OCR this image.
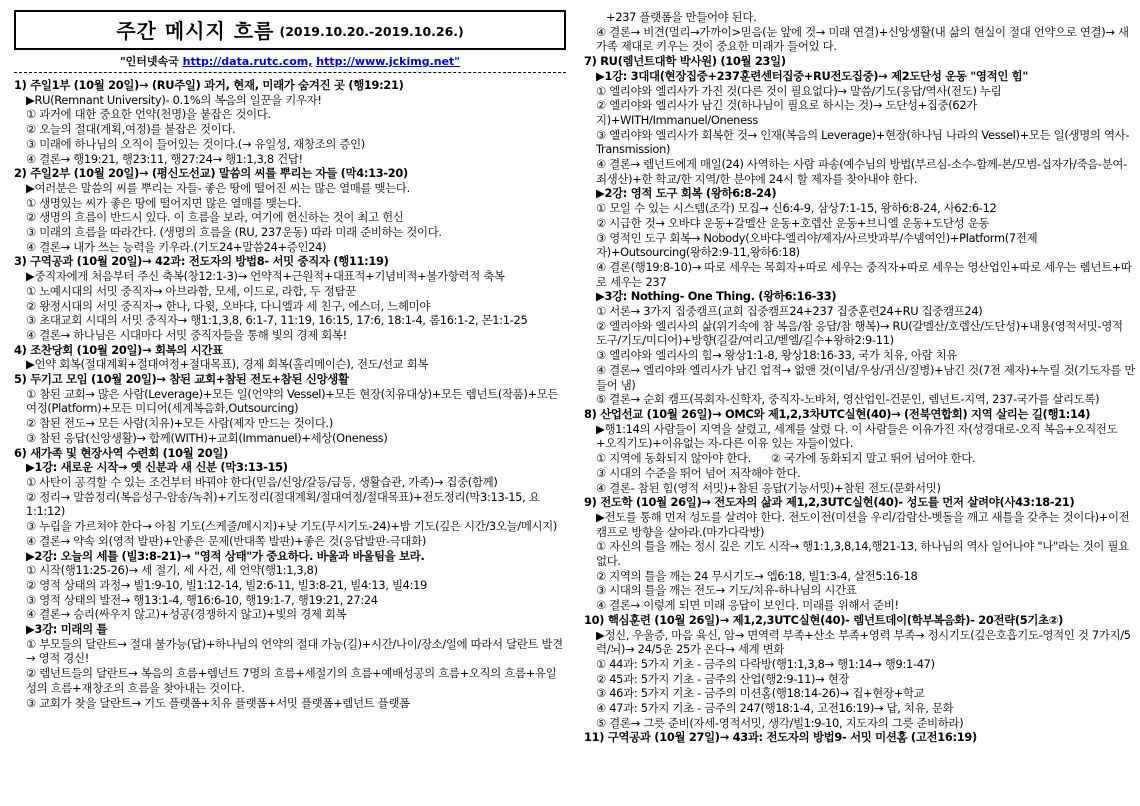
주간 메시지 흐름 (2019.10.20.-2019.10.26.)
"인터넷속국 http://data.rutc.com, http://www.jckimg.net"
1) 주일1부 (10월 20일)→ (RU주일) 과거, 현재, 미래가 숨겨진 곳 (행19:21)
▶RU(Remnant University)- 0.1%의 복음의 일꾼을 키우자!
① 과거에 대한 중요한 언약(천명)을 붙잡은 것이다.
② 오늘의 절대(계획,여정)를 붙잡은 것이다.
③ 미래에 하나님의 오직이 들어있는 것이다.(→ 유일성, 재창조의 증인)
④ 결론→ 행19:21, 행23:11, 행27:24→ 행1:1,3,8 건답!
2) 주일2부 (10월 20일)→ (평신도선교) 말씀의 씨를 뿌리는 자들 (막4:13-20)
▶여러분은 말씀의 씨를 뿌리는 자들- 좋은 땅에 떨어진 씨는 많은 열매를 맺는다.
① 생명있는 씨가 좋은 땅에 떨어지면 많은 열매를 맺는다.
② 생명의 흐름이 반드시 있다. 이 흐름을 보라, 여기에 헌신하는 것이 최고 헌신
③ 미래의 흐름을 따라간다. (생명의 흐름을 (RU, 237운동) 따라 미래 준비하는 것이다.
④ 결론→ 내가 쓰는 능력을 키우라.(기도24+말씀24+증인24)
3) 구역공과 (10월 20일)→ 42과: 전도자의 방법8- 서밋 중직자 (행11:19)
▶중직자에게 처음부터 주신 축복(창12:1-3)→ 언약적+근원적+대표적+기념비적+불가항력적 축복
① 노예시대의 서밋 중직자→ 아브라함, 모세, 이드로, 라합, 두 정탐꾼
② 왕정시대의 서밋 중직자→ 한나, 다윗, 오바댜, 다니엘과 세 친구, 에스더, 느헤미야
③ 초대교회 시대의 서밋 중직자→ 행1:1,3,8, 6:1-7, 11:19, 16:15, 17:6, 18:1-4, 롬16:1-2, 몬1:1-25
④ 결론→ 하나님은 시대마다 서밋 중직자들을 통해 빛의 경제 회복!
4) 조찬당회 (10월 20일)→ 회복의 시간표
▶언약 회복(절대계획+절대여정+절대목표), 경제 회복(홀리메이슨), 전도/선교 회복
5) 두기고 모임 (10월 20일)→ 참된 교회+참된 전도+참된 신앙생활
① 참된 교회→ 많은 사람(Leverage)+모든 일(언약의 Vessel)+모든 현장(치유대상)+모든 렘넌트(작품)+모든 여정(Platform)+모든 미디어(세계복음화,Outsourcing)
② 참된 전도→ 모든 사람(치유)+모든 사람(제자 만드는 것이다.)
③ 참된 응답(신앙생활)→ 합께(WITH)+교회(Immanuel)+세상(Oneness)
6) 새가족 및 현장사역 수련회 (10월 20일)
▶1강: 새로운 시작→ 옛 신분과 새 신분 (막3:13-15)
① 사탄이 공격할 수 있는 조건부터 바꿔야 한다(믿음/신앙/갈등/급등, 생활습관, 가족)→ 집중(함께)
② 정리→ 말씀정리(복음성구-암송/녹취)+기도정리(절대계획/절대여정/절대목표)+전도정리(막3:13-15, 요1:1:12)
③ 누림을 가르쳐야 한다→ 아침 기도(스케줄/메시지)+낮 기도(무시기도-24)+밤 기도(깊은 시간/3오늘/메시지)
④ 결론→ 약속 외(영적 발판)+안좋은 문제(반대쪽 발판)+좋은 것(응답발판-극대화)
▶2강: 오늘의 세틀 (빌3:8-21)→ "영적 상태"가 중요하다. 바울과 바울팀을 보라.
① 시작(행11:25-26)→ 세 절기, 세 사건, 세 언약(행1:1,3,8)
② 영적 상태의 과정→ 빌1:9-10, 빌1:12-14, 빌2:6-11, 빌3:8-21, 빌4:13, 빌4:19
③ 영적 상태의 발전→ 행13:1-4, 행16:6-10, 행19:1-7, 행19:21, 27:24
④ 결론→ 승리(싸우지 않고)+성공(경쟁하지 않고)+빛의 경제 회복
▶3강: 미래의 틀
① 부모들의 달란트→ 절대 불가능(답)+하나님의 언약의 절대 가능(길)+시간/나이/장소/일에 따라서 달란트 발견→ 영적 경신!
② 렘넌트들의 달란트→ 복음의 흐름+렘넌트 7명의 흐름+세절기의 흐름+예배성공의 흐름+오직의 흐름+유일성의 흐름+재창조의 흐름을 찾아내는 것이다.
③ 교회가 찾을 달란트→ 기도 플랫폼+치유 플랫폼+서밋 플랫폼+렘넌트 플랫폼
+237 플랫폼을 만들어야 된다.
④ 결론→ 비견(멀리→가까이>믿음(눈 앞에 것→ 미래 연결)+신앙생활(내 삶의 현실이 절대 언약으로 연결)→ 새가족 제대로 키우는 것이 중요한 미래가 들어있 다.
7) RU(렘넌트대학 박사원) (10월 23일)
▶1강: 3대대(현장집중+237훈련센터집중+RU전도집중)→ 제2도단성 운동 "영적인 힘"
① 엘리야와 엘리사가 가진 것(다른 것이 필요없다)→ 말씀/기도(응답/역사(전도) 누림
② 엘리야와 엘리사가 남긴 것(하나님이 필요로 하시는 것)→ 도단성+집중(62가지)+WITH/Immanuel/Oneness
③ 엘리야와 엘리사가 회복한 것→ 인재(복음의 Leverage)+현장(하나님 나라의 Vessel)+모든 일(생명의 역사-Transmission)
④ 결론→ 렘넌트에게 매일(24) 사역하는 사람 파송(예수님의 방법(부르심-소수-함께-본/모범-십자가/죽음-분여-죄생산)+한 학교/한 지역/한 분야에 24시 할 제자를 찾아내야 한다.
▶2강: 영적 도구 회복 (왕하6:8-24)
① 모일 수 있는 시스템(조각) 모집→ 신6:4-9, 삼상7:1-15, 왕하6:8-24, 사62:6-12
② 시급한 것→ 오바댜 운동+갈멜산 운동+호렙산 운동+브니엘 운동+도단성 운동
③ 영적인 도구 회복→ Nobody(오바댜-엘리야/제자/사르밧과부/수넴여인)+Platform(7전제자)+Outsourcing(왕하2:9-11,왕하6:18)
④ 결론(행19:8-10)→ 따로 세우는 목회자+따로 세우는 중직자+따로 세우는 영산업인+따로 세우는 렘넌트+따로 세우는 237
▶3강: Nothing- One Thing. (왕하6:16-33)
① 서론→ 3가지 집중캠프(교회 집중캠프24+237 집중훈련24+RU 집중캠프24)
② 엘리야와 엘리사의 삶(위기속에 참 복음/참 응답/참 행복)→ RU(갈멜산/호렙산/도단성)+내용(영적서밋-영적 도구/기도/미디어)+방향(길갈/여리고/벧엘/길수+왕하2:9-11)
③ 엘리야와 엘리사의 힘→ 왕상1:1-8, 왕상18:16-33, 국가 치유, 아람 치유
④ 결론→ 엘리야와 엘리사가 남긴 업적→ 없앤 것(이념/우상/귀신/질병)+남긴 것(7전 제자)+누릴 것(기도자를 만들어 냄)
⑤ 결론→ 순회 캠프(목회자-신학자, 중직자-노바쳐, 영산업인-건문인, 렘넌트-지역, 237-국가를 살리도록)
8) 산업선교 (10월 26일)→ OMC와 제1,2,3차UTC실현(40)→ (전북연합회) 지역 살리는 길(행1:14)
▶행1:14의 사람들이 지역을 살렸고, 세계를 살렸 다. 이 사람들은 이유가진 자(성경대로-오직 복음+오직전도+오직기도)+이유없는 자-다른 이유 있는 자들이었다.
① 지역에 동화되지 않아야 한다.      ② 국가에 동화되지 말고 뛰어 넘어야 한다.
③ 시대의 수준을 뛰어 넘어 저작해야 한다.
④ 결론- 참된 힘(영적 서밋)+참된 응답(기능서밋)+참된 전도(문화서밋)
9) 전도학 (10월 26일)→ 전도자의 삶과 제1,2,3UTC실현(40)- 성도를 먼저 살려야(사43:18-21)
▶전도를 통해 먼저 성도를 살려야 한다. 전도이전(미션을 우리/감람산-벳돌을 깨고 새틀을 갖추는 것이다)+이전캠프로 방향을 살아라.(마가다락방)
① 자신의 틀을 깨는 정시 깊은 기도 시작→ 행1:1,3,8,14,행21-13, 하나님의 역사 일어나야 "나"라는 것이 필요 없다.
② 지역의 틀을 깨는 24 무시기도→ 엡6:18, 빌1:3-4, 살전5:16-18
③ 시대의 틀을 깨는 전도→ 기도/치유-하나님의 시간표
④ 결론→ 이렇게 되면 미래 응답이 보인다. 미래를 위해서 준비!
10) 핵심훈련 (10월 26일)→ 제1,2,3UTC실현(40)- 렘넌트데이(학부복음화)- 20전략(5기초②)
▶정신, 우울증, 마음 육신, 암→ 면역력 부족+산소 부족+영력 부족→ 정시기도(깊은호흡기도-영적인 것 7가지/5력/뇌)→ 24/5운 25가 온다→ 세계 변화
① 44과: 5가지 기초 - 금주의 다락방(행1:1,3,8→ 행1:14→ 행9:1-47)
② 45과: 5가지 기초 - 금주의 산업(행2:9-11)→ 현장
③ 46과: 5가지 기초 - 금주의 미션홈(행18:14-26)→ 집+현장+학교
④ 47과: 5가지 기초 - 금주의 247(행18:1-4, 고전16:19)→ 답, 치유, 문화
⑤ 결론→ 그릇 준비(자세-영적서밋, 생각/빌1:9-10, 지도자의 그릇 준비하라)
11) 구역공과 (10월 27일)→ 43과: 전도자의 방법9- 서밋 미션홈 (고전16:19)
